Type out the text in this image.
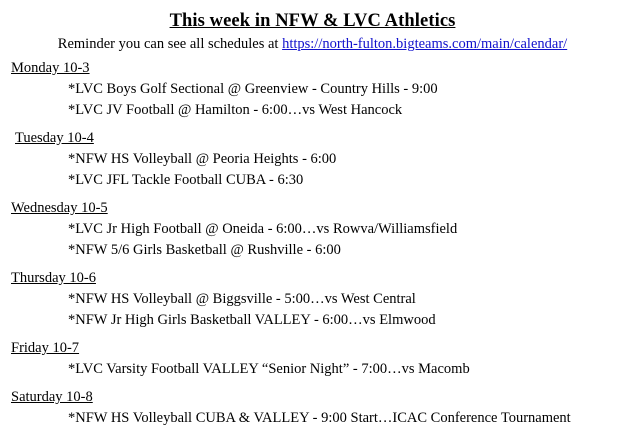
This week in NFW & LVC Athletics
Reminder you can see all schedules at https://north-fulton.bigteams.com/main/calendar/
Monday 10-3
*LVC Boys Golf Sectional @ Greenview - Country Hills - 9:00
*LVC JV Football @ Hamilton - 6:00…vs West Hancock
Tuesday 10-4
*NFW HS Volleyball @ Peoria Heights - 6:00
*LVC JFL Tackle Football CUBA - 6:30
Wednesday 10-5
*LVC Jr High Football @ Oneida - 6:00…vs Rowva/Williamsfield
*NFW 5/6 Girls Basketball @ Rushville - 6:00
Thursday 10-6
*NFW HS Volleyball @ Biggsville - 5:00…vs West Central
*NFW Jr High Girls Basketball VALLEY - 6:00…vs Elmwood
Friday 10-7
*LVC Varsity Football VALLEY “Senior Night” - 7:00…vs Macomb
Saturday 10-8
*NFW HS Volleyball CUBA & VALLEY - 9:00 Start…ICAC Conference Tournament
